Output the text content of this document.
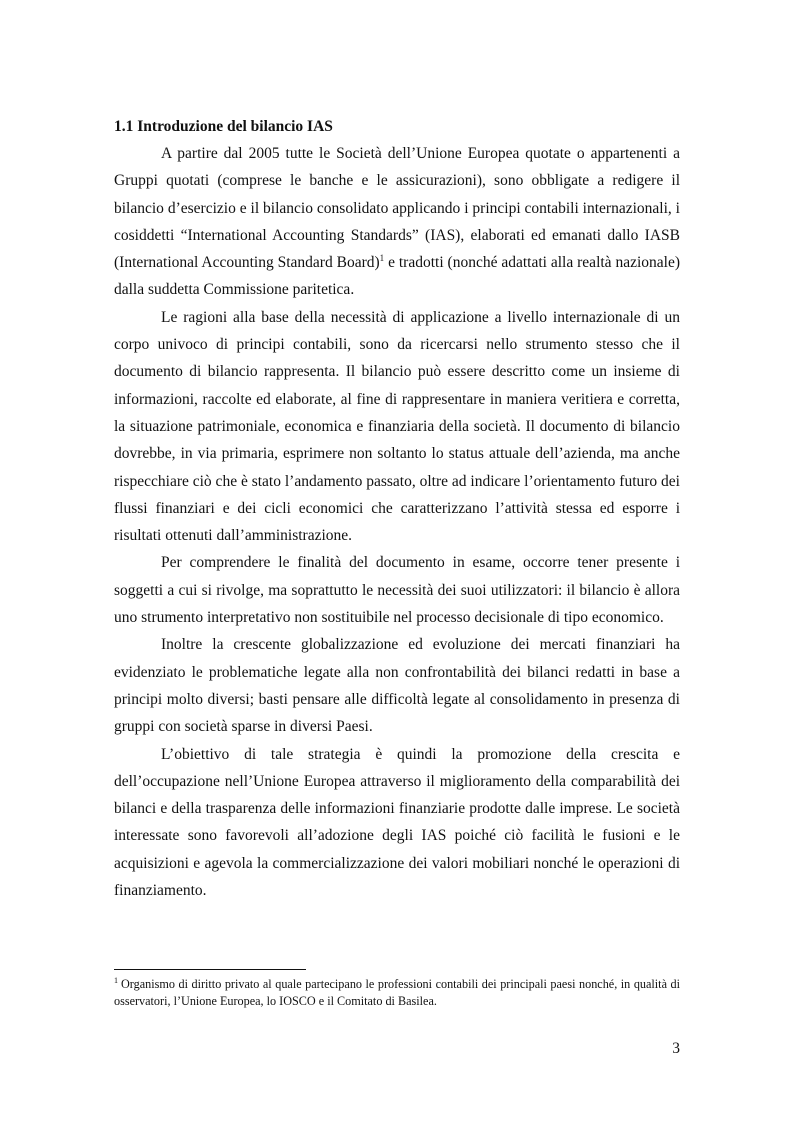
1.1 Introduzione del bilancio IAS

A partire dal 2005 tutte le Società dell’Unione Europea quotate o appartenenti a Gruppi quotati (comprese le banche e le assicurazioni), sono obbligate a redigere il bilancio d’esercizio e il bilancio consolidato applicando i principi contabili internazionali, i cosiddetti “International Accounting Standards” (IAS), elaborati ed emanati dallo IASB (International Accounting Standard Board)$^1$ e tradotti (nonché adattati alla realtà nazionale) dalla suddetta Commissione paritetica.

Le ragioni alla base della necessità di applicazione a livello internazionale di un corpo univoco di principi contabili, sono da ricercarsi nello strumento stesso che il documento di bilancio rappresenta. Il bilancio può essere descritto come un insieme di informazioni, raccolte ed elaborate, al fine di rappresentare in maniera veritiera e corretta, la situazione patrimoniale, economica e finanziaria della società. Il documento di bilancio dovrebbe, in via primaria, esprimere non soltanto lo status attuale dell’azienda, ma anche rispecchiare ciò che è stato l’andamento passato, oltre ad indicare l’orientamento futuro dei flussi finanziari e dei cicli economici che caratterizzano l’attività stessa ed esporre i risultati ottenuti dall’amministrazione.

Per comprendere le finalità del documento in esame, occorre tener presente i soggetti a cui si rivolge, ma soprattutto le necessità dei suoi utilizzatori: il bilancio è allora uno strumento interpretativo non sostituibile nel processo decisionale di tipo economico.

Inoltre la crescente globalizzazione ed evoluzione dei mercati finanziari ha evidenziato le problematiche legate alla non confrontabilità dei bilanci redatti in base a principi molto diversi; basti pensare alle difficoltà legate al consolidamento in presenza di gruppi con società sparse in diversi Paesi.

L’obiettivo di tale strategia è quindi la promozione della crescita e dell’occupazione nell’Unione Europea attraverso il miglioramento della comparabilità dei bilanci e della trasparenza delle informazioni finanziarie prodotte dalle imprese. Le società interessate sono favorevoli all’adozione degli IAS poiché ciò facilità le fusioni e le acquisizioni e agevola la commercializzazione dei valori mobiliari nonché le operazioni di finanziamento.

$^1$ Organismo di diritto privato al quale partecipano le professioni contabili dei principali paesi nonché, in qualità di osservatori, l’Unione Europea, lo IOSCO e il Comitato di Basilea.

3
